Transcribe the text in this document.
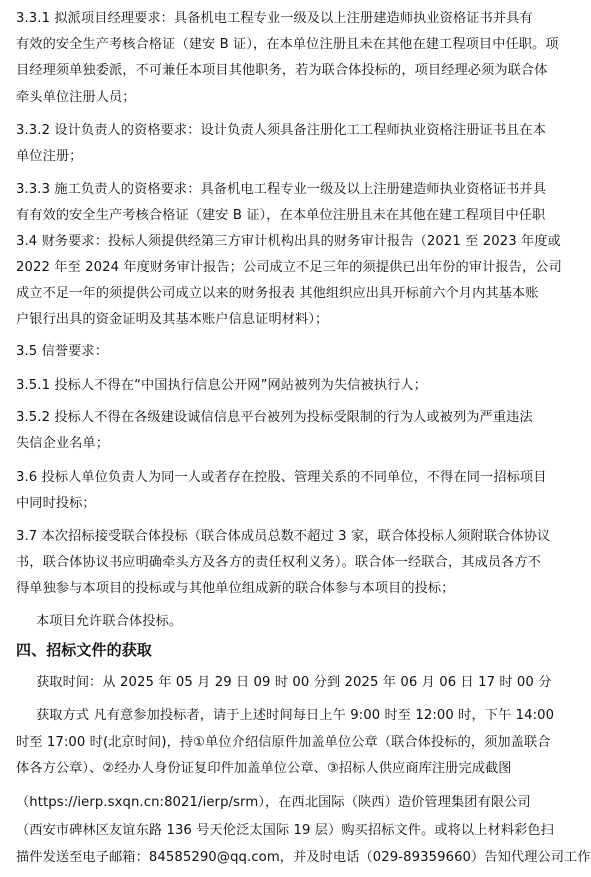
3.3.1 拟派项目经理要求：具备机电工程专业一级及以上注册建造师执业资格证书并具有
有效的安全生产考核合格证（建安 B 证），在本单位注册且未在其他在建工程项目中任职。项
目经理须单独委派，不可兼任本项目其他职务，若为联合体投标的，项目经理必须为联合体
牵头单位注册人员；
3.3.2 设计负责人的资格要求：设计负责人须具备注册化工工程师执业资格注册证书且在本
单位注册；
3.3.3 施工负责人的资格要求：具备机电工程专业一级及以上注册建造师执业资格证书并具
有有效的安全生产考核合格证（建安 B 证），在本单位注册且未在其他在建工程项目中任职
3.4 财务要求：投标人须提供经第三方审计机构出具的财务审计报告（2021 至 2023 年度或
2022 年至 2024 年度财务审计报告；公司成立不足三年的须提供已出年份的审计报告，公司
成立不足一年的须提供公司成立以来的财务报表 其他组织应出具开标前六个月内其基本账
户银行出具的资金证明及其基本账户信息证明材料）；
3.5 信誉要求：
3.5.1 投标人不得在“中国执行信息公开网”网站被列为失信被执行人；
3.5.2 投标人不得在各级建设诚信信息平台被列为投标受限制的行为人或被列为严重违法
失信企业名单；
3.6 投标人单位负责人为同一人或者存在控股、管理关系的不同单位，不得在同一招标项目
中同时投标；
3.7 本次招标接受联合体投标（联合体成员总数不超过 3 家，联合体投标人须附联合体协议
书，联合体协议书应明确牵头方及各方的责任权利义务）。联合体一经联合，其成员各方不
得单独参与本项目的投标或与其他单位组成新的联合体参与本项目的投标；
本项目允许联合体投标。
四、招标文件的获取
获取时间：从 2025 年 05 月 29 日 09 时 00 分到 2025 年 06 月 06 日 17 时 00 分
获取方式 凡有意参加投标者，请于上述时间每日上午 9:00 时至 12:00 时，下午 14:00
时至 17:00 时(北京时间)，持①单位介绍信原件加盖单位公章（联合体投标的，须加盖联合
体各方公章）、②经办人身份证复印件加盖单位公章、③招标人供应商库注册完成截图
（https://ierp.sxqn.cn:8021/ierp/srm），在西北国际（陕西）造价管理集团有限公司
（西安市碑林区友谊东路 136 号天伦泛太国际 19 层）购买招标文件。或将以上材料彩色扫
描件发送至电子邮箱：84585290@qq.com，并及时电话（029-89359660）告知代理公司工作
